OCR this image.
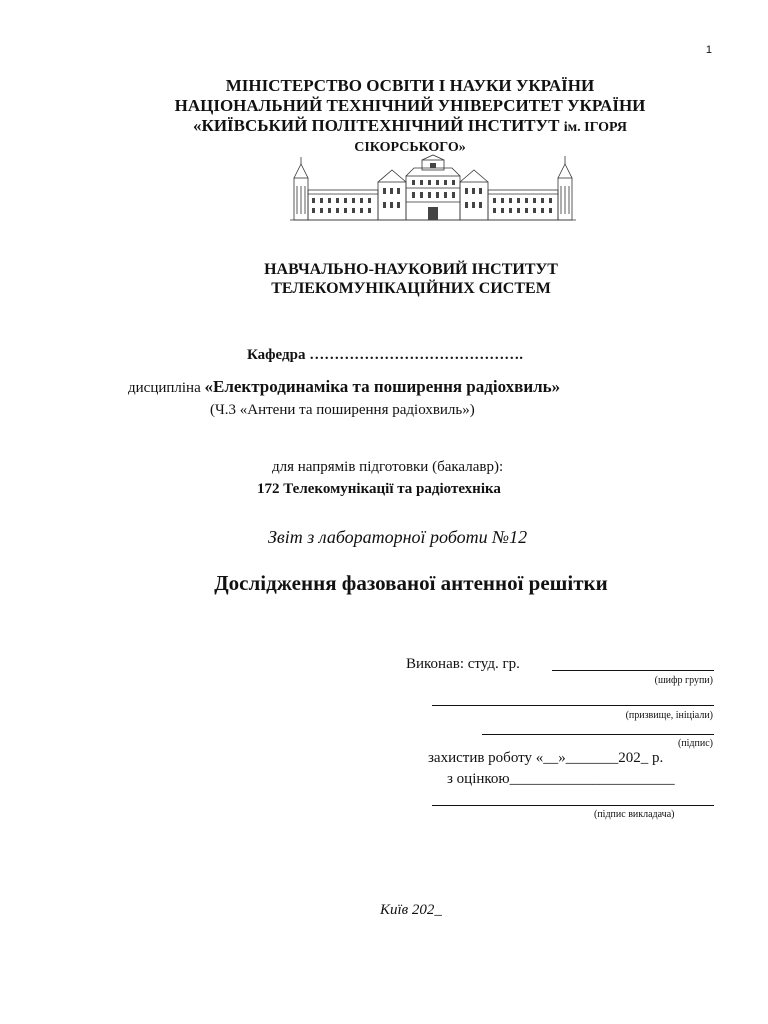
1
МІНІСТЕРСТВО ОСВІТИ І НАУКИ УКРАЇНИ
НАЦІОНАЛЬНИЙ ТЕХНІЧНИЙ УНІВЕРСИТЕТ УКРАЇНИ
«КИЇВСЬКИЙ ПОЛІТЕХНІЧНИЙ ІНСТИТУТ ім. ІГОРЯ
СІКОРСЬКОГО»
НАВЧАЛЬНО-НАУКОВИЙ ІНСТИТУТ
ТЕЛЕКОМУНІКАЦІЙНИХ СИСТЕМ
Кафедра …………………………………….
дисципліна «Електродинаміка та поширення радіохвиль»
(Ч.3 «Антени та поширення радіохвиль»)
для напрямів підготовки (бакалавр):
172 Телекомунікації та радіотехніка
Звіт з лабораторної роботи №12
Дослідження фазованої антенної решітки
Виконав: студ. гр.
(шифр групи)
(призвище, ініціали)
(підпис)
захистив роботу «__»_______202_ р.
з оцінкою______________________
(підпис викладача)
Київ 202_
